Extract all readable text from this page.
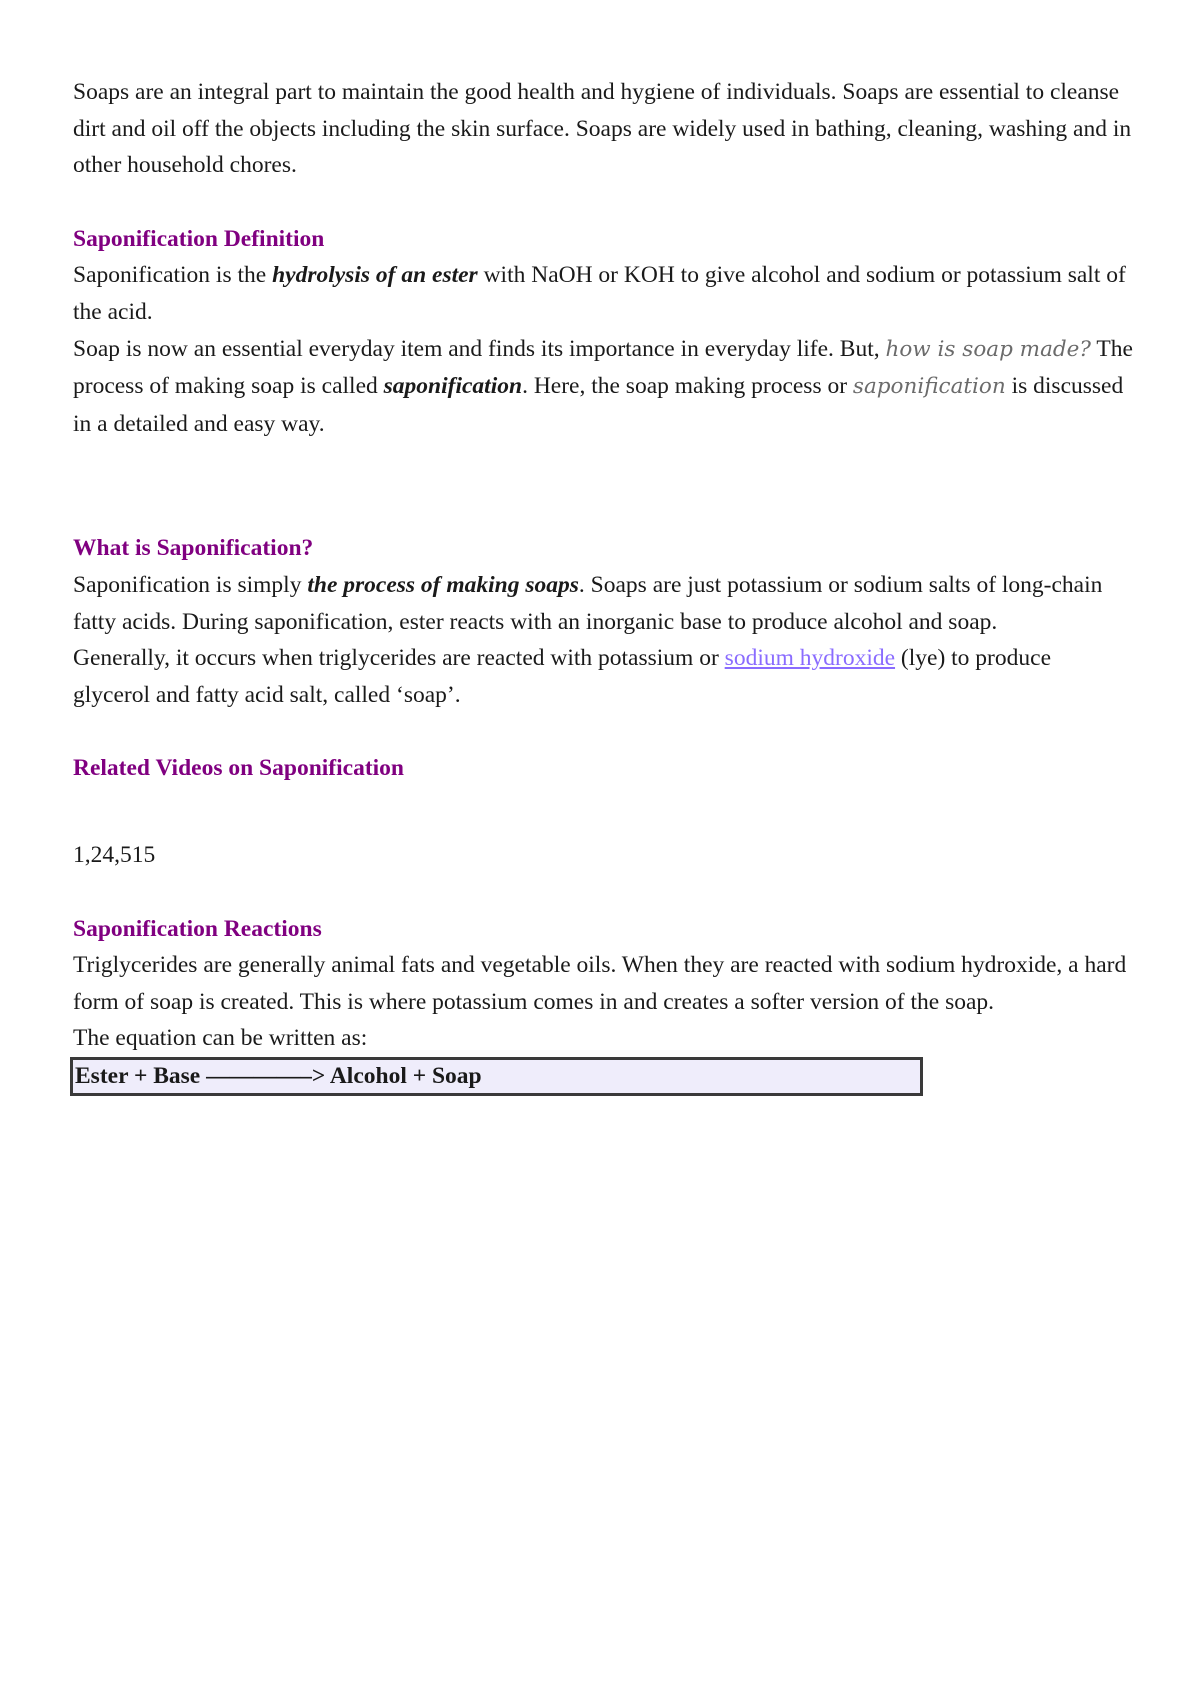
Soaps are an integral part to maintain the good health and hygiene of individuals. Soaps are essential to cleanse dirt and oil off the objects including the skin surface. Soaps are widely used in bathing, cleaning, washing and in other household chores.

Saponification Definition

Saponification is the hydrolysis of an ester with NaOH or KOH to give alcohol and sodium or potassium salt of the acid.

Soap is now an essential everyday item and finds its importance in everyday life. But, how is soap made? The process of making soap is called saponification. Here, the soap making process or saponification is discussed in a detailed and easy way.

What is Saponification?

Saponification is simply the process of making soaps. Soaps are just potassium or sodium salts of long-chain fatty acids. During saponification, ester reacts with an inorganic base to produce alcohol and soap.

Generally, it occurs when triglycerides are reacted with potassium or sodium hydroxide (lye) to produce glycerol and fatty acid salt, called ‘soap’.

Related Videos on Saponification

1,24,515

Saponification Reactions

Triglycerides are generally animal fats and vegetable oils. When they are reacted with sodium hydroxide, a hard form of soap is created. This is where potassium comes in and creates a softer version of the soap.

The equation can be written as:

Ester + Base ————–> Alcohol + Soap
